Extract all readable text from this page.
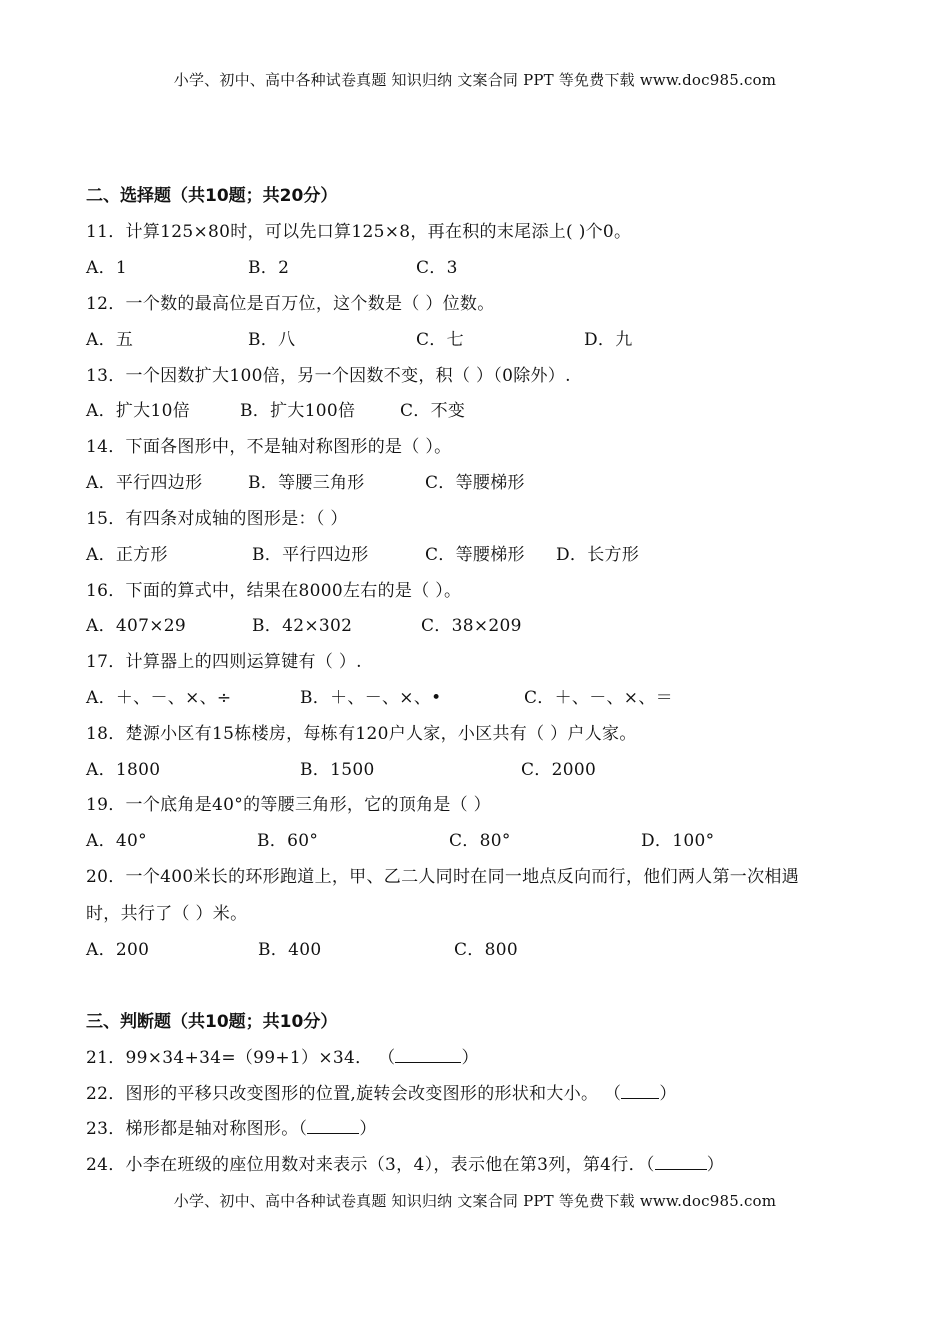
小学、初中、高中各种试卷真题 知识归纳 文案合同 PPT 等免费下载 www.doc985.com
二、选择题（共10题；共20分）
11．计算125×80时，可以先口算125×8，再在积的末尾添上( )个0。
A．1	B．2	C．3
12．一个数的最高位是百万位，这个数是（ ）位数。
A．五	B．八	C．七	D．九
13．一个因数扩大100倍，另一个因数不变，积（ ）（0除外）.
A．扩大10倍	B．扩大100倍	C．不变
14．下面各图形中，不是轴对称图形的是（ ）。
A．平行四边形	B．等腰三角形	C．等腰梯形
15．有四条对成轴的图形是：（ ）
A．正方形	B．平行四边形	C．等腰梯形 D．长方形
16．下面的算式中，结果在8000左右的是（ ）。
A．407×29	B．42×302	C．38×209
17．计算器上的四则运算键有（ ）.
A．＋、－、×、÷	B．＋、－、×、•	C．＋、－、×、＝
18．楚源小区有15栋楼房，每栋有120户人家，小区共有（ ）户人家。
A．1800	B．1500	C．2000
19．一个底角是40°的等腰三角形，它的顶角是（ ）
A．40°	B．60°	C．80°	D．100°
20．一个400米长的环形跑道上，甲、乙二人同时在同一地点反向而行，他们两人第一次相遇
时，共行了（ ）米。
A．200	B．400	C．800
三、判断题（共10题；共10分）
21．99×34+34=（99+1）×34． （	）
22．图形的平移只改变图形的位置,旋转会改变图形的形状和大小。 （ ）
23．梯形都是轴对称图形。（	）
24．小李在班级的座位用数对来表示（3，4），表示他在第3列，第4行．（	）
小学、初中、高中各种试卷真题 知识归纳 文案合同 PPT 等免费下载 www.doc985.com
